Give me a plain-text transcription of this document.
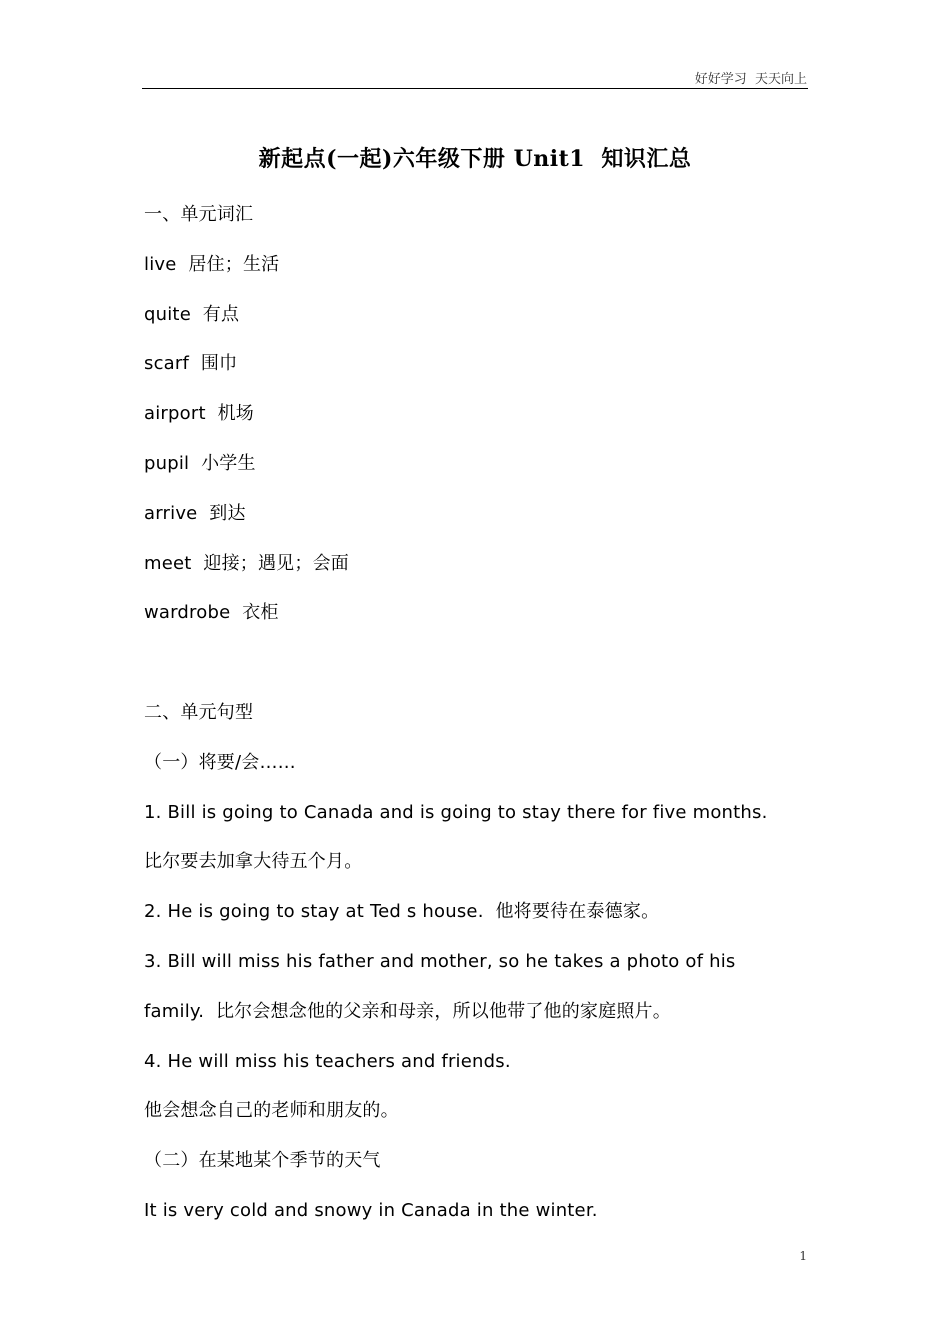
好好学习  天天向上
新起点(一起)六年级下册 Unit1  知识汇总
一、单元词汇
live  居住；生活
quite  有点
scarf  围巾
airport  机场
pupil  小学生
arrive  到达
meet  迎接；遇见；会面
wardrobe  衣柜
二、单元句型
（一）将要/会……
1. Bill is going to Canada and is going to stay there for five months.
比尔要去加拿大待五个月。
2. He is going to stay at Ted s house.  他将要待在泰德家。
3. Bill will miss his father and mother, so he takes a photo of his
family.  比尔会想念他的父亲和母亲，所以他带了他的家庭照片。
4. He will miss his teachers and friends.
他会想念自己的老师和朋友的。
（二）在某地某个季节的天气
It is very cold and snowy in Canada in the winter.
1
